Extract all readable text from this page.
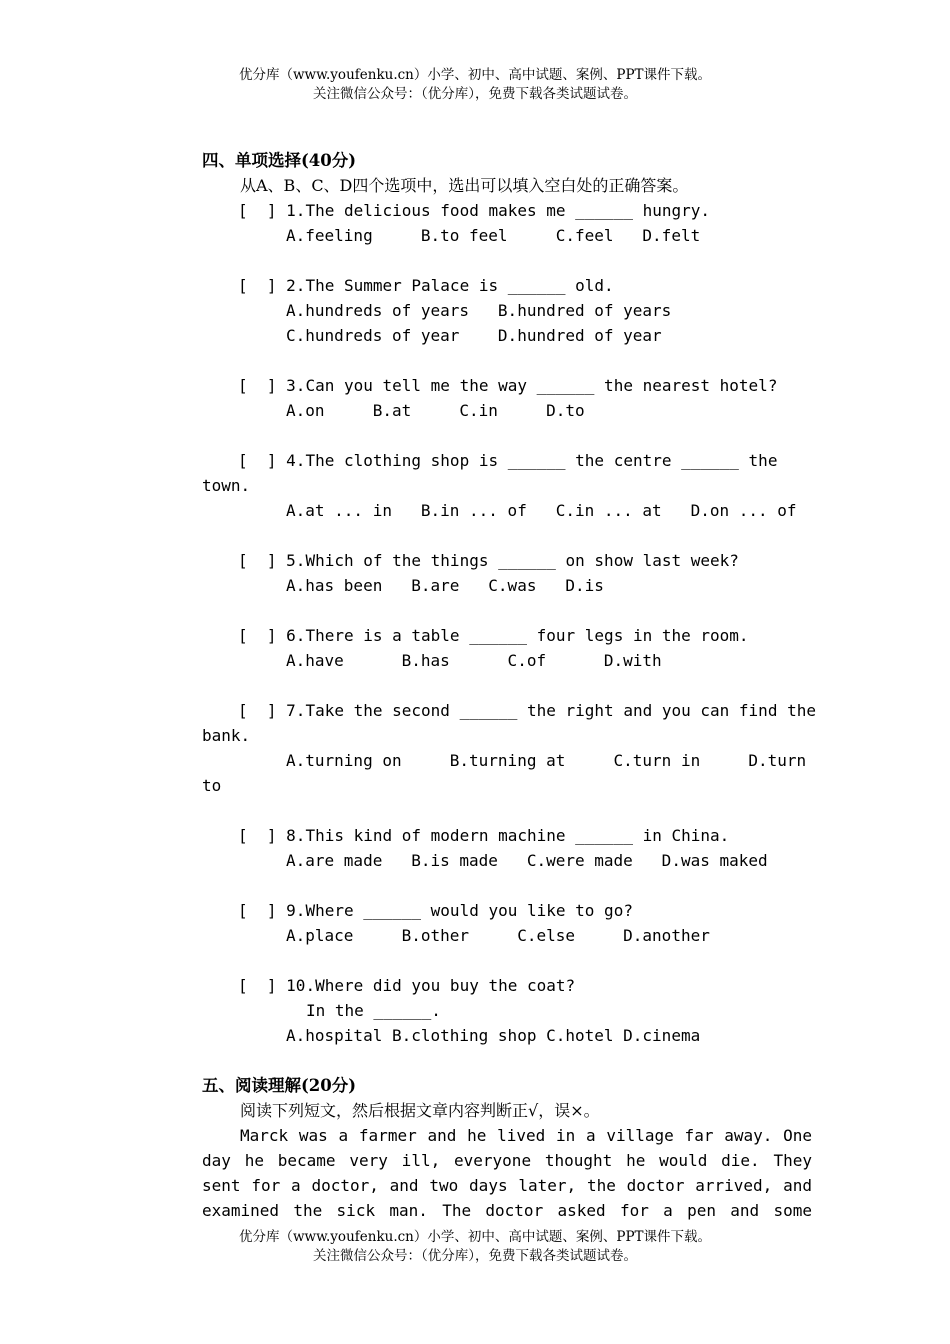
优分库（www.youfenku.cn）小学、初中、高中试题、案例、PPT课件下载。
关注微信公众号：（优分库），免费下载各类试题试卷。
四、单项选择(40分)
从A、B、C、D四个选项中，选出可以填入空白处的正确答案。
[  ] 1.The delicious food makes me ______ hungry.
A.feeling     B.to feel     C.feel   D.felt
[  ] 2.The Summer Palace is ______ old.
A.hundreds of years   B.hundred of years
C.hundreds of year    D.hundred of year
[  ] 3.Can you tell me the way ______ the nearest hotel?
A.on     B.at     C.in     D.to
[  ] 4.The clothing shop is ______ the centre ______ the
town.
A.at ... in   B.in ... of   C.in ... at   D.on ... of
[  ] 5.Which of the things ______ on show last week?
A.has been   B.are   C.was   D.is
[  ] 6.There is a table ______ four legs in the room.
A.have      B.has      C.of      D.with
[  ] 7.Take the second ______ the right and you can find the
bank.
A.turning on     B.turning at     C.turn in     D.turn
to
[  ] 8.This kind of modern machine ______ in China.
A.are made   B.is made   C.were made   D.was maked
[  ] 9.Where ______ would you like to go?
A.place     B.other     C.else     D.another
[  ] 10.Where did you buy the coat?
In the ______.
A.hospital B.clothing shop C.hotel D.cinema
五、阅读理解(20分)
阅读下列短文，然后根据文章内容判断正√，误×。
Marck was a farmer and he lived in a village far away. One
day he became very ill, everyone thought he would die. They
sent for a doctor, and two days later, the doctor arrived, and
examined the sick man. The doctor asked for a pen and some
优分库（www.youfenku.cn）小学、初中、高中试题、案例、PPT课件下载。
关注微信公众号：（优分库），免费下载各类试题试卷。
